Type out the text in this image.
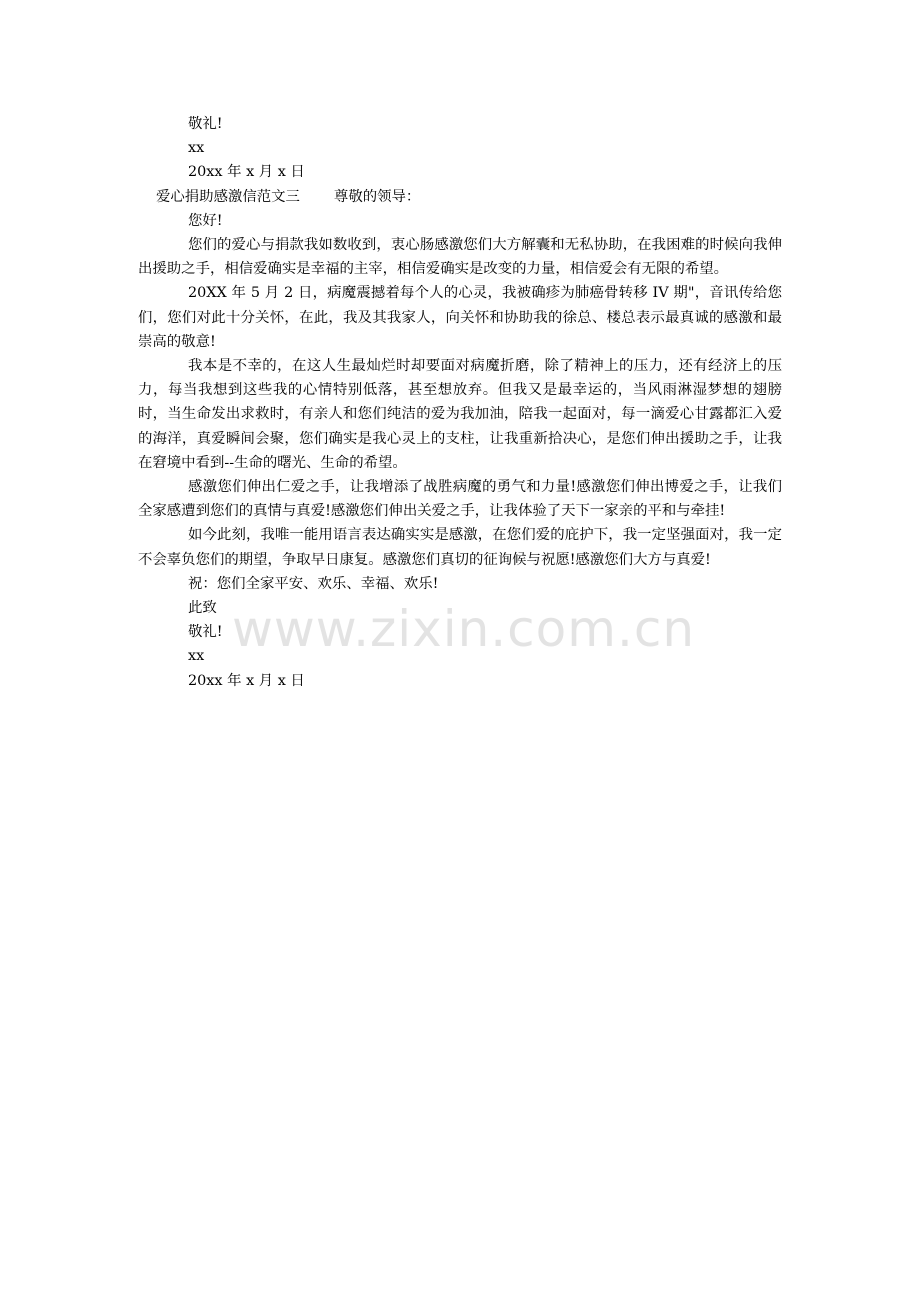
敬礼!
xx
20xx 年 x 月 x 日
爱心捐助感激信范文三 尊敬的领导：
您好!

您们的爱心与捐款我如数收到，衷心肠感激您们大方解囊和无私协助，在我困难的时候向我伸出援助之手，相信爱确实是幸福的主宰，相信爱确实是改变的力量，相信爱会有无限的希望。

20XX 年 5 月 2 日，病魔震撼着每个人的心灵，我被确疹为肺癌骨转移 IV 期"，音讯传给您们，您们对此十分关怀，在此，我及其我家人，向关怀和协助我的徐总、楼总表示最真诚的感激和最崇高的敬意!

我本是不幸的，在这人生最灿烂时却要面对病魔折磨，除了精神上的压力，还有经济上的压力，每当我想到这些我的心情特别低落，甚至想放弃。但我又是最幸运的，当风雨淋湿梦想的翅膀时，当生命发出求救时，有亲人和您们纯洁的爱为我加油，陪我一起面对，每一滴爱心甘露都汇入爱的海洋，真爱瞬间会聚，您们确实是我心灵上的支柱，让我重新拾决心，是您们伸出援助之手，让我在窘境中看到--生命的曙光、生命的希望。

感激您们伸出仁爱之手，让我增添了战胜病魔的勇气和力量!感激您们伸出博爱之手，让我们全家感遭到您们的真情与真爱!感激您们伸出关爱之手，让我体验了天下一家亲的平和与牵挂!

如今此刻，我唯一能用语言表达确实实是感激，在您们爱的庇护下，我一定坚强面对，我一定不会辜负您们的期望，争取早日康复。感激您们真切的征询候与祝愿!感激您们大方与真爱!

祝：您们全家平安、欢乐、幸福、欢乐!
此致
敬礼!
xx
20xx 年 x 月 x 日
www.zixin.com.cn
